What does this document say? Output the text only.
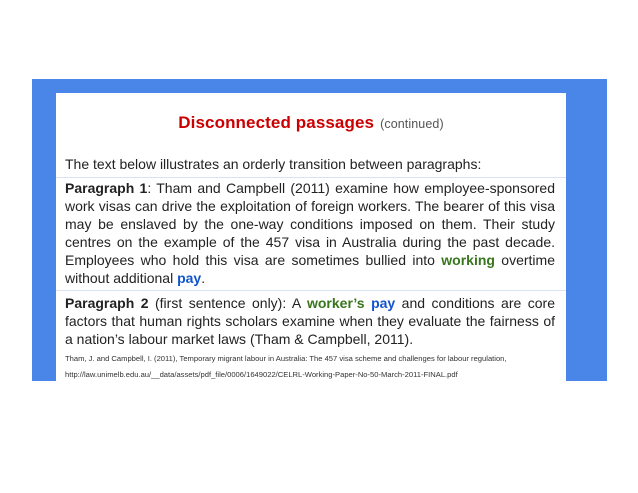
Disconnected passages (continued)
The text below illustrates an orderly transition between paragraphs:
Paragraph 1: Tham and Campbell (2011) examine how employee-sponsored work visas can drive the exploitation of foreign workers. The bearer of this visa may be enslaved by the one-way conditions imposed on them. Their study centres on the example of the 457 visa in Australia during the past decade. Employees who hold this visa are sometimes bullied into working overtime without additional pay.
Paragraph 2 (first sentence only): A worker’s pay and conditions are core factors that human rights scholars examine when they evaluate the fairness of a nation’s labour market laws (Tham & Campbell, 2011).
Tham, J. and Campbell, I. (2011), Temporary migrant labour in Australia: The 457 visa scheme and challenges for labour regulation,
http://law.unimelb.edu.au/__data/assets/pdf_file/0006/1649022/CELRL-Working-Paper-No-50-March-2011-FINAL.pdf
